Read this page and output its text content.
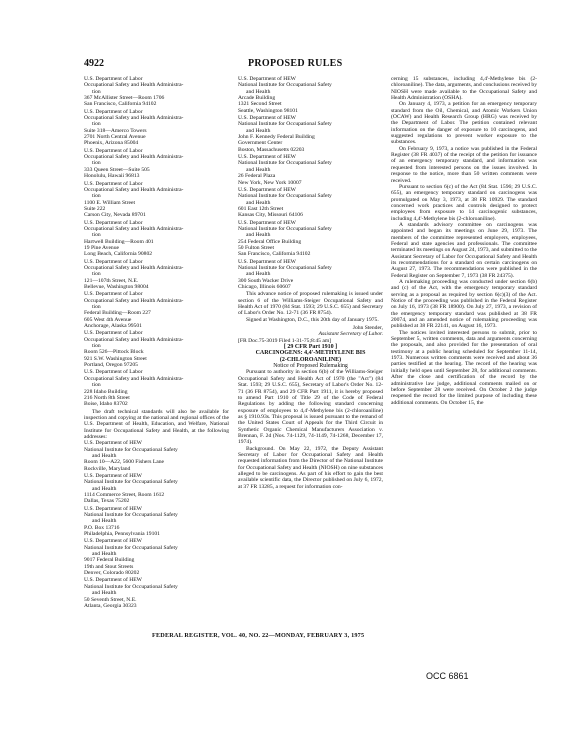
4922	PROPOSED RULES
U.S. Department of Labor
Occupational Safety and Health Administra-
tion
367 McAllister Street—Room 1706
San Francisco, California 94102
U.S. Department of Labor
Occupational Safety and Health Administra-
tion
Suite 318—Amerco Towers
2701 North Central Avenue
Phoenix, Arizona 85004
U.S. Department of Labor
Occupational Safety and Health Administra-
tion
333 Queen Street—Suite 505
Honolulu, Hawaii 96813
U.S. Department of Labor
Occupational Safety and Health Administra-
tion
1100 E. William Street
Suite 222
Carson City, Nevada 89701
U.S. Department of Labor
Occupational Safety and Health Administra-
tion
Hartwell Building—Room 401
19 Pine Avenue
Long Beach, California 90802
U.S. Department of Labor
Occupational Safety and Health Administra-
tion
121—107th Street, N.E.
Bellevue, Washington 98004
U.S. Department of Labor
Occupational Safety and Health Administra-
tion
Federal Building—Room 227
605 West 4th Avenue
Anchorage, Alaska 99501
U.S. Department of Labor
Occupational Safety and Health Administra-
tion
Room 526—Pittock Block
921 S.W. Washington Street
Portland, Oregon 97205
U.S. Department of Labor
Occupational Safety and Health Administra-
tion
228 Idaho Building
216 North 8th Street
Boise, Idaho 83702

The draft technical standards will also be available for inspection and copying at the national and regional offices of the U.S. Department of Health, Education, and Welfare, National Institute for Occupational Safety and Health, at the following addresses:

U.S. Department of HEW
National Institute for Occupational Safety
and Health
Room 10—A22, 5600 Fishers Lane
Rockville, Maryland
U.S. Department of HEW
National Institute for Occupational Safety
and Health
1114 Commerce Street, Room 1612
Dallas, Texas 75202
U.S. Department of HEW
National Institute for Occupational Safety
and Health
P.O. Box 13716
Philadelphia, Pennsylvania 19101
U.S. Department of HEW
National Institute for Occupational Safety
and Health
9017 Federal Building
19th and Stout Streets
Denver, Colorado 80202
U.S. Department of HEW
National Institute for Occupational Safety
and Health
50 Seventh Street, N.E.
Atlanta, Georgia 30323
U.S. Department of HEW
National Institute for Occupational Safety
and Health
Arcade Building
1321 Second Street
Seattle, Washington 98101
U.S. Department of HEW
National Institute for Occupational Safety
and Health
John F. Kennedy Federal Building
Government Center
Boston, Massachusetts 02203
U.S. Department of HEW
National Institute for Occupational Safety
and Health
26 Federal Plaza
New York, New York 10007
U.S. Department of HEW
National Institute for Occupational Safety
and Health
601 East 12th Street
Kansas City, Missouri 64106
U.S. Department of HEW
National Institute for Occupational Safety
and Health
254 Federal Office Building
50 Fulton Street
San Francisco, California 94102
U.S. Department of HEW
National Institute for Occupational Safety
and Health
300 South Wacker Drive
Chicago, Illinois 60607

This advance notice of proposed rulemaking is issued under section 6 of the Williams-Steiger Occupational Safety and Health Act of 1970 (84 Stat. 1593; 29 U.S.C. 655) and Secretary of Labor's Order No. 12-71 (36 FR 8754).

Signed at Washington, D.C., this 20th day of January 1975.

John Stender,
Assistant Secretary of Labor.

[FR Doc.75-3019 Filed 1-31-75;8:45 am]

[ 29 CFR Part 1910 ]

CARCINOGENS: 4,4'-METHYLENE BIS

(2-CHLOROANILINE)

Notice of Proposed Rulemaking

Pursuant to authority in section 6(b) of the Williams-Steiger Occupational Safety and Health Act of 1970 (the "Act") (84 Stat. 1593; 29 U.S.C. 655), Secretary of Labor's Order No. 12-71 (36 FR 8754), and 29 CFR Part 1911, it is hereby proposed to amend Part 1910 of Title 29 of the Code of Federal Regulations by adding the following standard concerning exposure of employees to 4,4'-Methylene bis (2-chloroaniline) as § 1910.93s. This proposal is issued pursuant to the remand of the United States Court of Appeals for the Third Circuit in Synthetic Organic Chemical Manufacturers Association v. Brennan, F. 2d (Nos. 74-1129, 74-1149, 74-1268, December 17, 1974).

Background. On May 22, 1972, the Deputy Assistant Secretary of Labor for Occupational Safety and Health requested information from the Director of the National Institute for Occupational Safety and Health (NIOSH) on nine substances alleged to be carcinogens. As part of his effort to gain the best available scientific data, the Director published on July 6, 1972, at 37 FR 13285, a request for information con-

cerning 15 substances, including 4,4'-Methylene bis (2-chloroaniline). The data, arguments, and conclusions received by NIOSH were made available to the Occupational Safety and Health Administration (OSHA).

On January 4, 1973, a petition for an emergency temporary standard from the Oil, Chemical, and Atomic Workers Union (OCAW) and Health Research Group (HRG) was received by the Department of Labor. The petition contained relevant information on the danger of exposure to 10 carcinogens, and suggested regulations to prevent worker exposure to the substances.

On February 9, 1973, a notice was published in the Federal Register (38 FR 4037) of the receipt of the petition for issuance of an emergency temporary standard, and information was requested from interested persons on the issues involved. In response to the notice, more than 50 written comments were received.

Pursuant to section 6(c) of the Act (84 Stat. 1596; 29 U.S.C. 655), an emergency temporary standard on carcinogens was promulgated on May 3, 1973, at 38 FR 10929. The standard concerned work practices and controls designed to protect employees from exposure to 14 carcinogenic substances, including 4,4'-Methylene bis (2-chloroaniline).

A standards advisory committee on carcinogens was appointed and began its meetings on June 29, 1973. The members of the committee represented employers, employees, Federal and state agencies and professionals. The committee terminated its meetings on August 24, 1973, and submitted to the Assistant Secretary of Labor for Occupational Safety and Health its recommendations for a standard on certain carcinogens on August 27, 1973. The recommendations were published in the Federal Register on September 7, 1973 (38 FR 24375).

A rulemaking proceeding was conducted under section 6(b) and (c) of the Act, with the emergency temporary standard serving as a proposal as required by section 6(c)(3) of the Act. Notice of the proceeding was published in the Federal Register on July 16, 1973 (38 FR 18900). On July 27, 1973, a revision of the emergency temporary standard was published at 38 FR 20074, and an amended notice of rulemaking proceeding was published at 38 FR 22141, on August 16, 1973.

The notices invited interested persons to submit, prior to September 5, written comments, data and arguments concerning the proposals, and also provided for the presentation of oral testimony at a public hearing scheduled for September 11-14, 1973. Numerous written comments were received and about 36 parties testified at the hearing. The record of the hearing was initially held open until September 28, for additional comments. After the close and certification of the record by the administrative law judge, additional comments mailed on or before September 28 were received. On October 2 the judge reopened the record for the limited purpose of including these additional comments. On October 15, the

FEDERAL REGISTER, VOL. 40, NO. 22—MONDAY, FEBRUARY 3, 1975
OCC 6861
